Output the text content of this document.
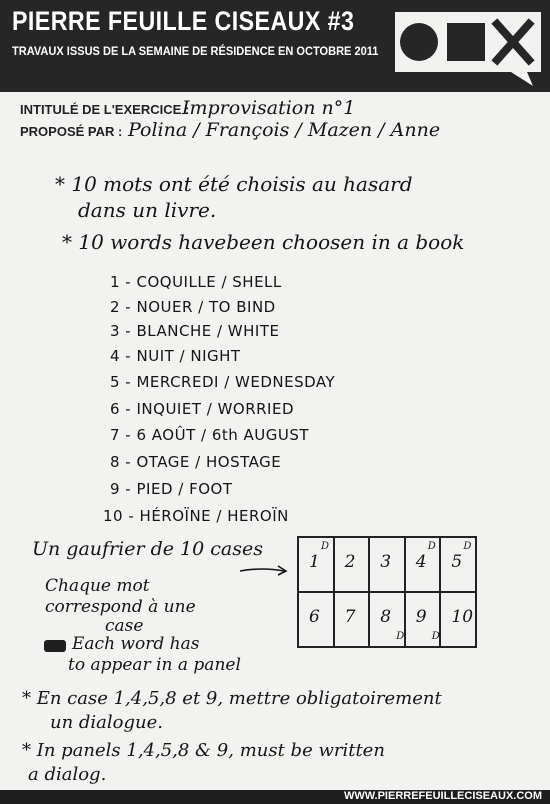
PIERRE FEUILLE CISEAUX #3
TRAVAUX ISSUS DE LA SEMAINE DE RÉSIDENCE EN OCTOBRE 2011
INTITULÉ DE L'EXERCICE :
Improvisation n°1
PROPOSÉ PAR : Polina / François / Mazen / Anne
* 10 mots ont été choisis au hasard
dans un livre.
* 10 words havebeen choosen in a book
1 - COQUILLE / SHELL
2 - NOUER / TO BIND
3 - BLANCHE / WHITE
4 - NUIT / NIGHT
5 - MERCREDI / WEDNESDAY
6 - INQUIET / WORRIED
7 - 6 AOÛT / 6th AUGUST
8 - OTAGE / HOSTAGE
9 - PIED / FOOT
10 - HÉROÏNE / HEROÏN
Un gaufrier de 10 cases	D
1 2 3
D
4
D
5
6 7
D
8
D
9 10
Chaque mot
correspond à une
case
Each word has
to appear in a panel
* En case 1,4,5,8 et 9, mettre obligatoirement
un dialogue.
* In panels 1,4,5,8 & 9, must be written
a dialog.
WWW.PIERREFEUILLECISEAUX.COM
